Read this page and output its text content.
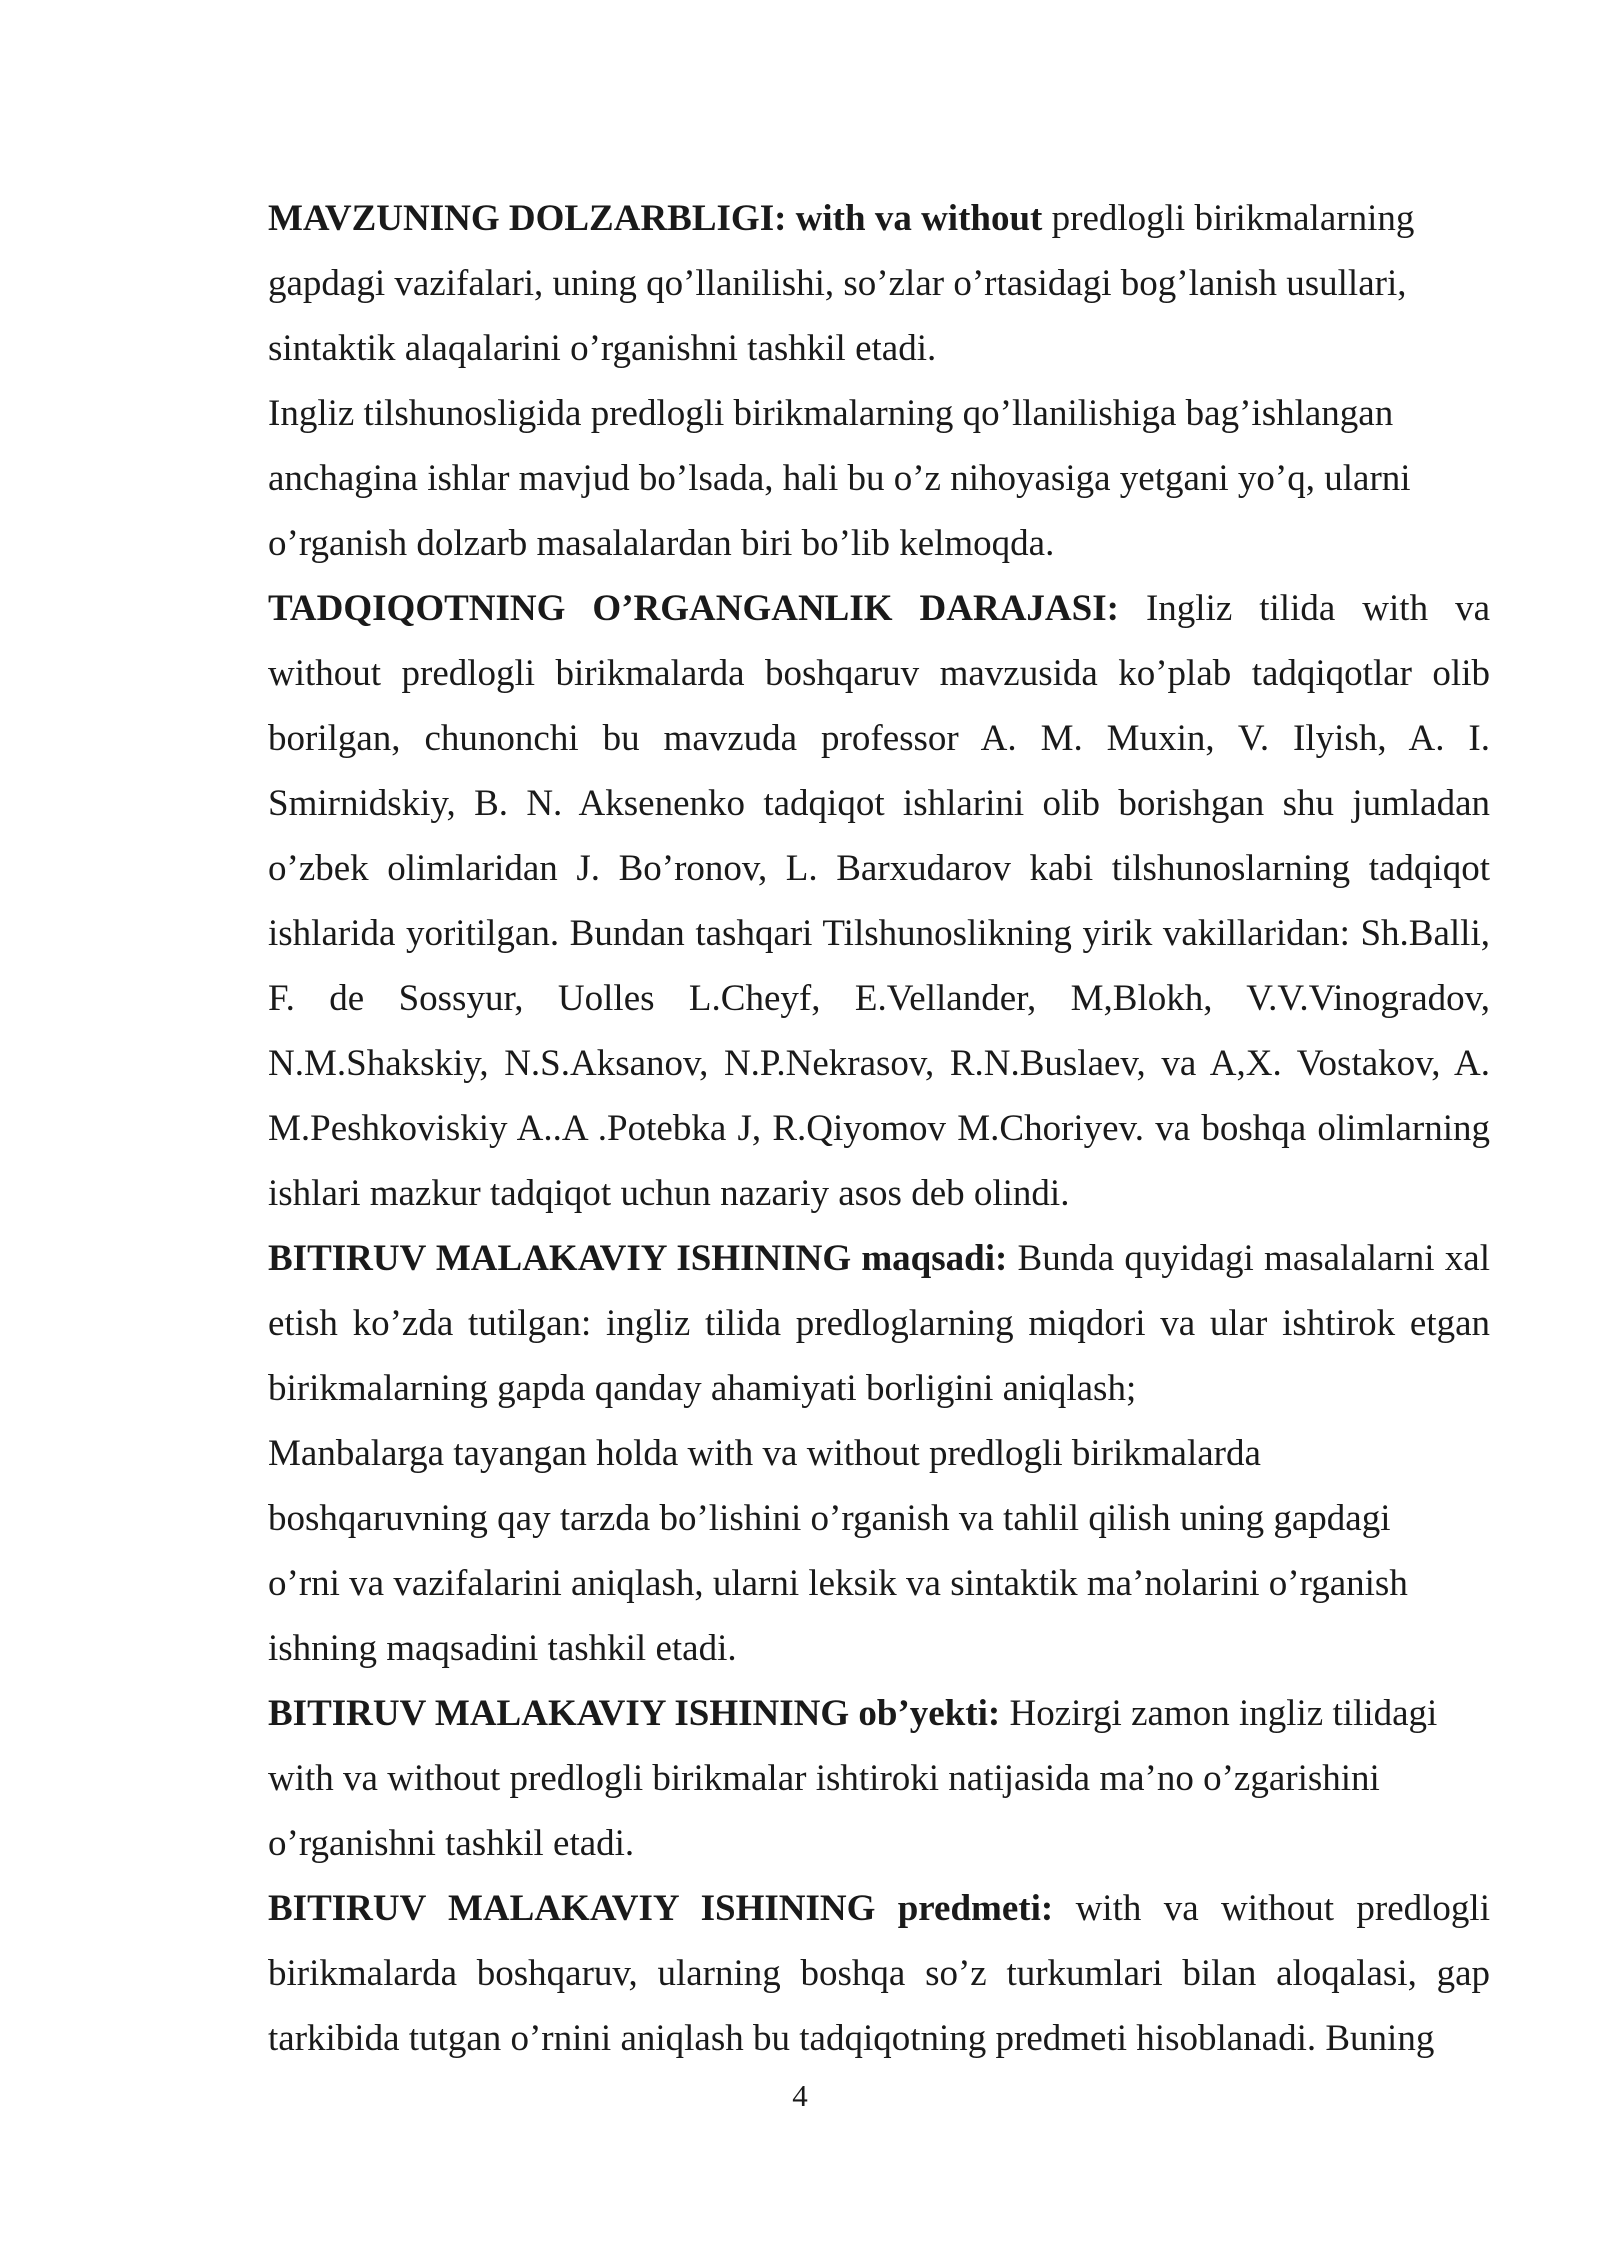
MAVZUNING DOLZARBLIGI: with va without predlogli birikmalarning
gapdagi vazifalari, uning qo’llanilishi, so’zlar o’rtasidagi bog’lanish usullari,
sintaktik alaqalarini o’rganishni tashkil etadi.

Ingliz tilshunosligida predlogli birikmalarning qo’llanilishiga bag’ishlangan
anchagina ishlar mavjud bo’lsada, hali bu o’z nihoyasiga yetgani yo’q, ularni
o’rganish dolzarb masalalardan biri bo’lib kelmoqda.

TADQIQOTNING O’RGANGANLIK DARAJASI: Ingliz tilida with va without predlogli birikmalarda boshqaruv mavzusida ko’plab tadqiqotlar olib borilgan, chunonchi bu mavzuda professor A. M. Muxin, V. Ilyish, A. I. Smirnidskiy, B. N. Aksenenko tadqiqot ishlarini olib borishgan shu jumladan o’zbek olimlaridan J. Bo’ronov, L. Barxudarov kabi tilshunoslarning tadqiqot ishlarida yoritilgan. Bundan tashqari Tilshunoslikning yirik vakillaridan: Sh.Balli, F. de Sossyur, Uolles L.Cheyf, E.Vellander, M,Blokh, V.V.Vinogradov, N.M.Shakskiy, N.S.Aksanov, N.P.Nekrasov, R.N.Buslaev, va A,X. Vostakov, A. M.Peshkoviskiy A..A .Potebka J, R.Qiyomov M.Choriyev. va boshqa olimlarning ishlari mazkur tadqiqot uchun nazariy asos deb olindi.

BITIRUV MALAKAVIY ISHINING maqsadi: Bunda quyidagi masalalarni xal etish ko’zda tutilgan: ingliz tilida predloglarning miqdori va ular ishtirok etgan birikmalarning gapda qanday ahamiyati borligini aniqlash;

Manbalarga tayangan holda with va without predlogli birikmalarda
boshqaruvning qay tarzda bo’lishini o’rganish va tahlil qilish uning gapdagi
o’rni va vazifalarini aniqlash, ularni leksik va sintaktik ma’nolarini o’rganish
ishning maqsadini tashkil etadi.

BITIRUV MALAKAVIY ISHINING ob’yekti: Hozirgi zamon ingliz tilidagi
with va without predlogli birikmalar ishtiroki natijasida ma’no o’zgarishini
o’rganishni tashkil etadi.

BITIRUV MALAKAVIY ISHINING predmeti: with va without predlogli birikmalarda boshqaruv, ularning boshqa so’z turkumlari bilan aloqalasi, gap tarkibida tutgan o’rnini aniqlash bu tadqiqotning predmeti hisoblanadi. Buning

4
